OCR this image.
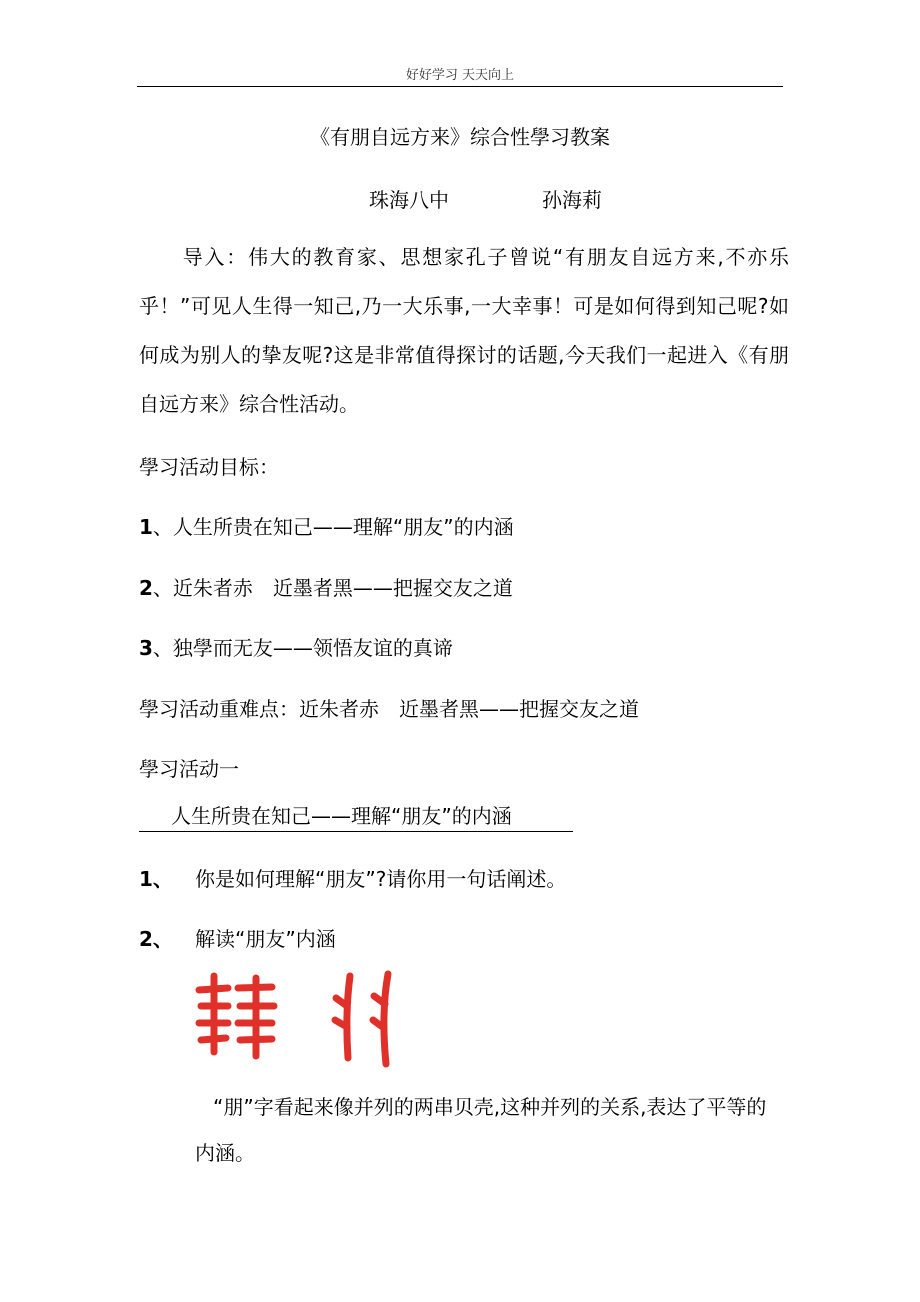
好好学习 天天向上
《有朋自远方来》综合性學习教案
珠海八中	孙海莉
导入：伟大的教育家、思想家孔子曾说“有朋友自远方来,不亦乐乎！”可见人生得一知己,乃一大乐事,一大幸事！可是如何得到知己呢?如何成为别人的挚友呢?这是非常值得探讨的话题,今天我们一起进入《有朋自远方来》综合性活动。
學习活动目标：
1、人生所贵在知己——理解“朋友”的内涵
2、近朱者赤　近墨者黑——把握交友之道
3、独學而无友——领悟友谊的真谛
學习活动重难点：近朱者赤　近墨者黑——把握交友之道
學习活动一
人生所贵在知己——理解“朋友”的内涵
1、 你是如何理解“朋友”?请你用一句话阐述。
2、 解读“朋友”内涵
“朋”字看起来像并列的两串贝壳,这种并列的关系,表达了平等的内涵。
